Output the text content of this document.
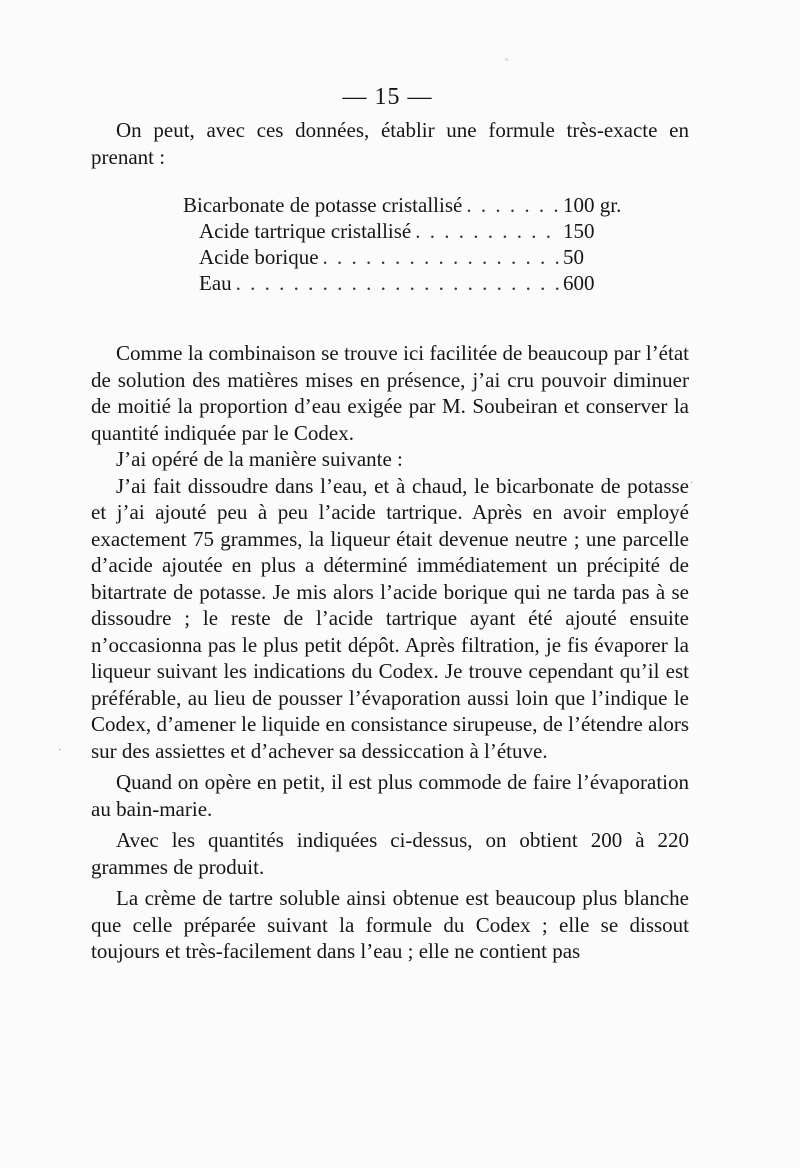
— 15 —

On peut, avec ces données, établir une formule très-exacte en prenant :

Bicarbonate de potasse cristallisé . . .	100 gr.
Acide tartrique cristallisé . . .	150
Acide borique . . .	50
Eau . . .	600

Comme la combinaison se trouve ici facilitée de beaucoup par l’état de solution des matières mises en présence, j’ai cru pouvoir diminuer de moitié la proportion d’eau exigée par M. Soubeiran et conserver la quantité indiquée par le Codex.

J’ai opéré de la manière suivante :

J’ai fait dissoudre dans l’eau, et à chaud, le bicarbonate de potasse et j’ai ajouté peu à peu l’acide tartrique. Après en avoir employé exactement 75 grammes, la liqueur était devenue neutre ; une parcelle d’acide ajoutée en plus a déterminé immédiatement un précipité de bitartrate de potasse. Je mis alors l’acide borique qui ne tarda pas à se dissoudre ; le reste de l’acide tartrique ayant été ajouté ensuite n’occasionna pas le plus petit dépôt. Après filtration, je fis évaporer la liqueur suivant les indications du Codex. Je trouve cependant qu’il est préférable, au lieu de pousser l’évaporation aussi loin que l’indique le Codex, d’amener le liquide en consistance sirupeuse, de l’étendre alors sur des assiettes et d’achever sa dessiccation à l’étuve.

Quand on opère en petit, il est plus commode de faire l’évaporation au bain-marie.

Avec les quantités indiquées ci-dessus, on obtient 200 à 220 grammes de produit.

La crème de tartre soluble ainsi obtenue est beaucoup plus blanche que celle préparée suivant la formule du Codex ; elle se dissout toujours et très-facilement dans l’eau ; elle ne contient pas

˚
·
·
